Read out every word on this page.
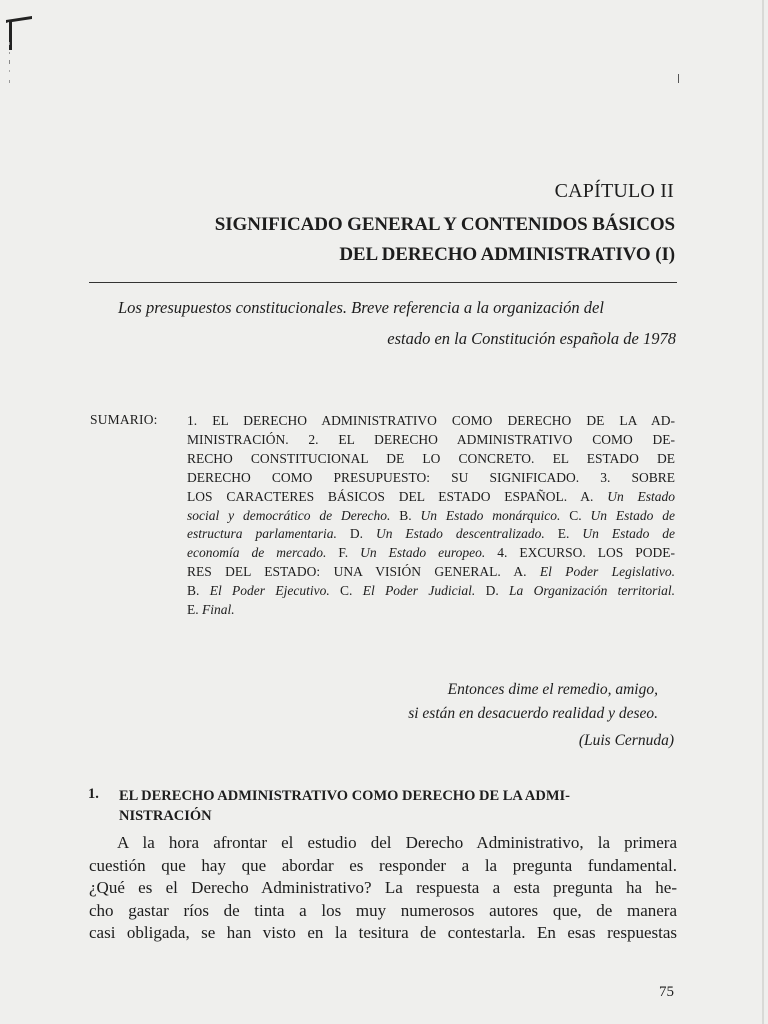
CAPÍTULO II
SIGNIFICADO GENERAL Y CONTENIDOS BÁSICOS
DEL DERECHO ADMINISTRATIVO (I)
Los presupuestos constitucionales. Breve referencia a la organización del
estado en la Constitución española de 1978
SUMARIO: 1. EL DERECHO ADMINISTRATIVO COMO DERECHO DE LA AD-
MINISTRACIÓN. 2. EL DERECHO ADMINISTRATIVO COMO DE-
RECHO CONSTITUCIONAL DE LO CONCRETO. EL ESTADO DE
DERECHO COMO PRESUPUESTO: SU SIGNIFICADO. 3. SOBRE
LOS CARACTERES BÁSICOS DEL ESTADO ESPAÑOL. A. Un Estado
social y democrático de Derecho. B. Un Estado monárquico. C. Un Estado de
estructura parlamentaria. D. Un Estado descentralizado. E. Un Estado de
economía de mercado. F. Un Estado europeo. 4. EXCURSO. LOS PODE-
RES DEL ESTADO: UNA VISIÓN GENERAL. A. El Poder Legislativo.
B. El Poder Ejecutivo. C. El Poder Judicial. D. La Organización territorial.
E. Final.
Entonces dime el remedio, amigo,
si están en desacuerdo realidad y deseo.
(Luis Cernuda)
1. EL DERECHO ADMINISTRATIVO COMO DERECHO DE LA ADMI-
NISTRACIÓN
A la hora afrontar el estudio del Derecho Administrativo, la primera
cuestión que hay que abordar es responder a la pregunta fundamental.
¿Qué es el Derecho Administrativo? La respuesta a esta pregunta ha he-
cho gastar ríos de tinta a los muy numerosos autores que, de manera
casi obligada, se han visto en la tesitura de contestarla. En esas respuestas
75
